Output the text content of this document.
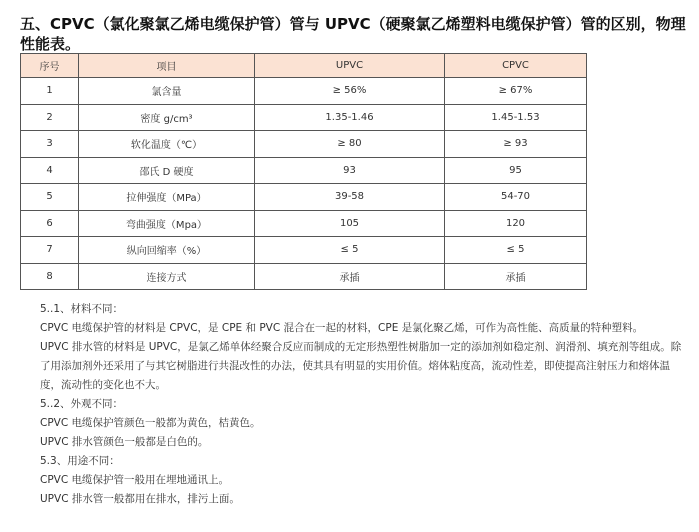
五、CPVC（氯化聚氯乙烯电缆保护管）管与 UPVC（硬聚氯乙烯塑料电缆保护管）管的区别，物理性能表。
序号	项目	UPVC	CPVC
1	氯含量	≥ 56%	≥ 67%
2	密度 g/cm³	1.35-1.46	1.45-1.53
3	软化温度（℃）	≥ 80	≥ 93
4	邵氏 D 硬度	93	95
5	拉伸强度（MPa）	39-58	54-70
6	弯曲强度（Mpa）	105	120
7	纵向回缩率（%）	≤ 5	≤ 5
8	连接方式	承插	承插

5..1、材料不同：

CPVC 电缆保护管的材料是 CPVC，是 CPE 和 PVC 混合在一起的材料，CPE 是氯化聚乙烯，可作为高性能、高质量的特种塑料。

UPVC 排水管的材料是 UPVC，是氯乙烯单体经聚合反应而制成的无定形热塑性树脂加一定的添加剂如稳定剂、润滑剂、填充剂等组成。除了用添加剂外还采用了与其它树脂进行共混改性的办法，使其具有明显的实用价值。熔体粘度高，流动性差，即使提高注射压力和熔体温度，流动性的变化也不大。

5..2、外观不同：

CPVC 电缆保护管颜色一般都为黄色，桔黄色。

UPVC 排水管颜色一般都是白色的。

5.3、用途不同：

CPVC 电缆保护管一般用在埋地通讯上。

UPVC 排水管一般都用在排水，排污上面。
